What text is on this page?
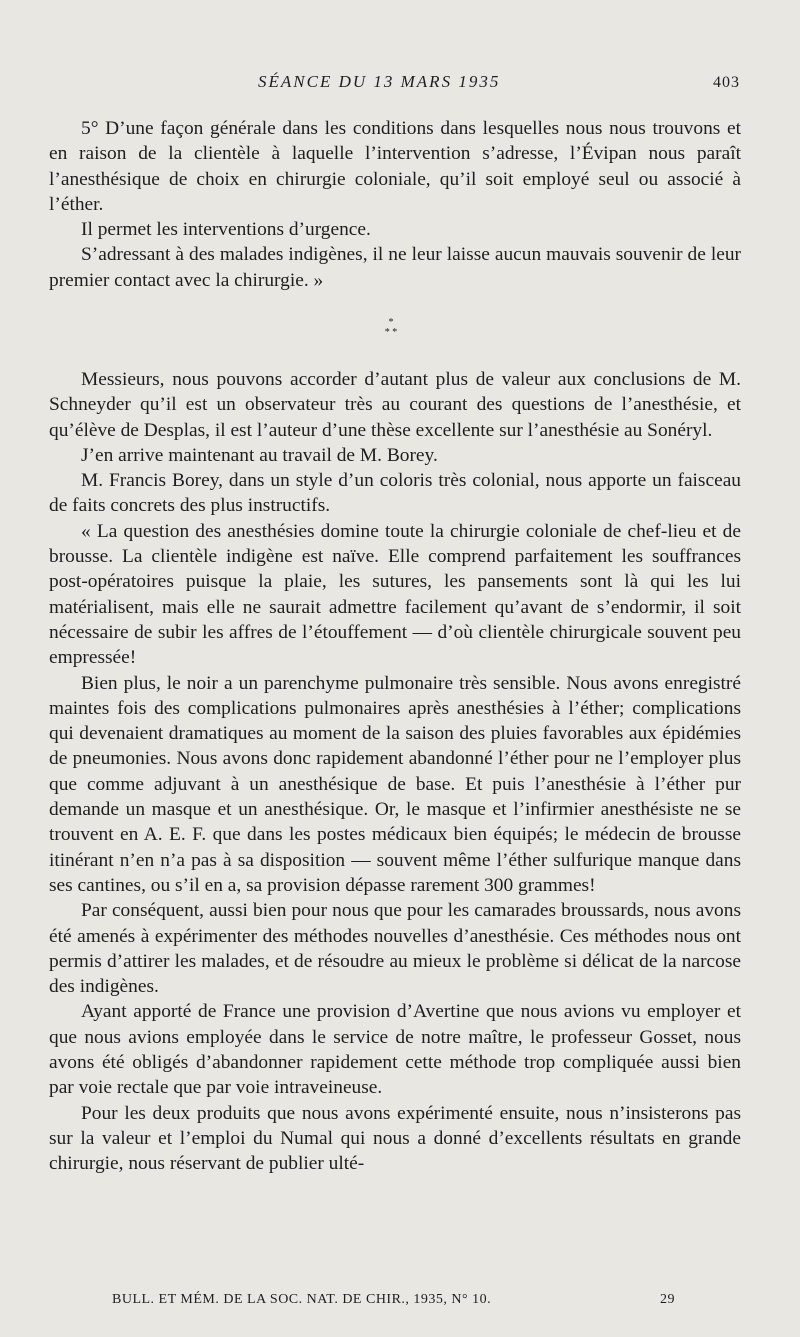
SÉANCE DU 13 MARS 1935	403

5° D’une façon générale dans les conditions dans lesquelles nous nous trouvons et en raison de la clientèle à laquelle l’intervention s’adresse, l’Évipan nous paraît l’anesthésique de choix en chirurgie coloniale, qu’il soit employé seul ou associé à l’éther.

Il permet les interventions d’urgence.

S’adressant à des malades indigènes, il ne leur laisse aucun mauvais souvenir de leur premier contact avec la chirurgie. »

*
* *

Messieurs, nous pouvons accorder d’autant plus de valeur aux conclusions de M. Schneyder qu’il est un observateur très au courant des questions de l’anesthésie, et qu’élève de Desplas, il est l’auteur d’une thèse excellente sur l’anesthésie au Sonéryl.

J’en arrive maintenant au travail de M. Borey.

M. Francis Borey, dans un style d’un coloris très colonial, nous apporte un faisceau de faits concrets des plus instructifs.

« La question des anesthésies domine toute la chirurgie coloniale de chef-lieu et de brousse. La clientèle indigène est naïve. Elle comprend parfaitement les souffrances post-opératoires puisque la plaie, les sutures, les pansements sont là qui les lui matérialisent, mais elle ne saurait admettre facilement qu’avant de s’endormir, il soit nécessaire de subir les affres de l’étouffement — d’où clientèle chirurgicale souvent peu empressée!

Bien plus, le noir a un parenchyme pulmonaire très sensible. Nous avons enregistré maintes fois des complications pulmonaires après anesthésies à l’éther; complications qui devenaient dramatiques au moment de la saison des pluies favorables aux épidémies de pneumonies. Nous avons donc rapidement abandonné l’éther pour ne l’employer plus que comme adjuvant à un anesthésique de base. Et puis l’anesthésie à l’éther pur demande un masque et un anesthésique. Or, le masque et l’infirmier anesthésiste ne se trouvent en A. E. F. que dans les postes médicaux bien équipés; le médecin de brousse itinérant n’en n’a pas à sa disposition — souvent même l’éther sulfurique manque dans ses cantines, ou s’il en a, sa provision dépasse rarement 300 grammes!

Par conséquent, aussi bien pour nous que pour les camarades broussards, nous avons été amenés à expérimenter des méthodes nouvelles d’anesthésie. Ces méthodes nous ont permis d’attirer les malades, et de résoudre au mieux le problème si délicat de la narcose des indigènes.

Ayant apporté de France une provision d’Avertine que nous avions vu employer et que nous avions employée dans le service de notre maître, le professeur Gosset, nous avons été obligés d’abandonner rapidement cette méthode trop compliquée aussi bien par voie rectale que par voie intraveineuse.

Pour les deux produits que nous avons expérimenté ensuite, nous n’insisterons pas sur la valeur et l’emploi du Numal qui nous a donné d’excellents résultats en grande chirurgie, nous réservant de publier ulté-

BULL. ET MÉM. DE LA SOC. NAT. DE CHIR., 1935, N° 10.	29
